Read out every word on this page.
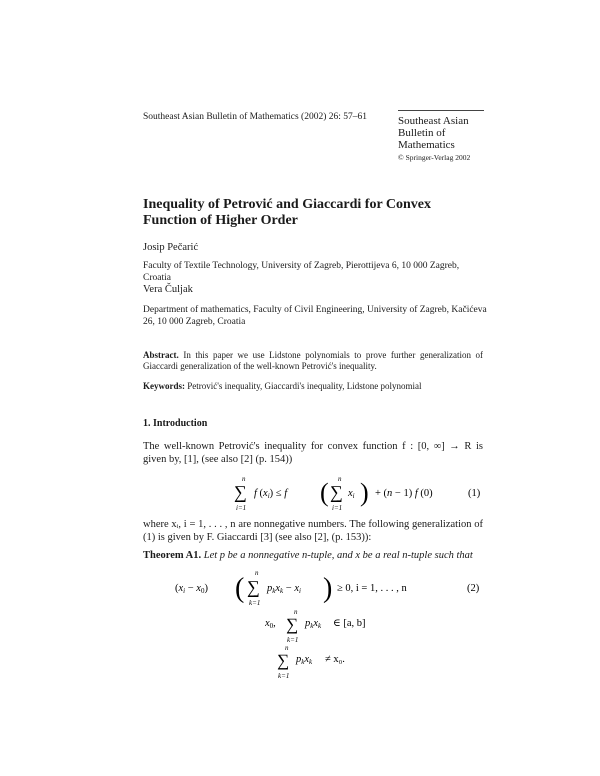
Southeast Asian Bulletin of Mathematics (2002) 26: 57–61	Southeast Asian
Bulletin of
Mathematics
© Springer-Verlag 2002
Inequality of Petrović and Giaccardi for Convex Function of Higher Order
Josip Pečarić
Faculty of Textile Technology, University of Zagreb, Pierottijeva 6, 10 000 Zagreb, Croatia
Vera Čuljak
Department of mathematics, Faculty of Civil Engineering, University of Zagreb, Kačićeva 26, 10 000 Zagreb, Croatia
Abstract. In this paper we use Lidstone polynomials to prove further generalization of Giaccardi generalization of the well-known Petrović's inequality.
Keywords: Petrović's inequality, Giaccardi's inequality, Lidstone polynomial
1. Introduction
The well-known Petrović's inequality for convex function f : [0, ∞] → R is given by, [1], (see also [2] (p. 154))
n
∑
i=1
f (xi) ≤ f ( n
∑
i=1
xi ) + (n − 1) f (0)	(1)
where xᵢ, i = 1, . . . , n are nonnegative numbers. The following generalization of (1) is given by F. Giaccardi [3] (see also [2], (p. 153)):
Theorem A1. Let p be a nonnegative n-tuple, and x be a real n-tuple such that
(xi − x0) ( n
∑
k=1
pkxk − xi ) ≥ 0, i = 1, . . . , n	(2)
x0,
n
∑
k=1
pkxk ∈ [a, b]
n
∑
k=1
pkxk ≠ x₀.
